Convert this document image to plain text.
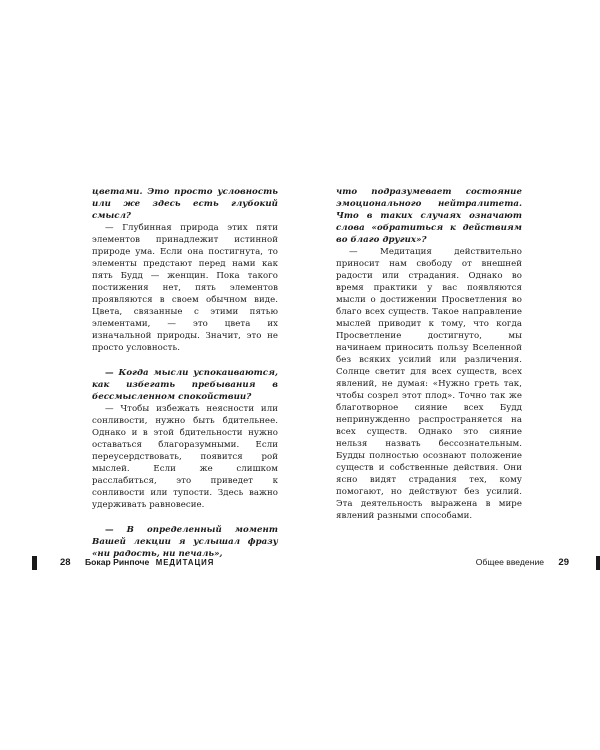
цветами. Это просто условность или же здесь есть глубокий смысл?

— Глубинная природа этих пяти элементов принадлежит истинной природе ума. Если она постигнута, то элементы предстают перед нами как пять Будд — женщин. Пока такого постижения нет, пять элементов проявляются в своем обычном виде. Цвета, связанные с этими пятью элементами, — это цвета их изначальной природы. Значит, это не просто условность.

— Когда мысли успокаиваются, как избегать пребывания в бессмысленном спокойствии?

— Чтобы избежать неясности или сонливости, нужно быть бдительнее. Однако и в этой бдительности нужно оставаться благоразумными. Если переусердствовать, появится рой мыслей. Если же слишком расслабиться, это приведет к сонливости или тупости. Здесь важно удерживать равновесие.

— В определенный момент Вашей лекции я услышал фразу «ни радость, ни печаль»,

28 Бокар Ринпоче МЕДИТАЦИЯ

что подразумевает состояние эмоционального нейтралитета. Что в таких случаях означают слова «обратиться к действиям во благо других»?

— Медитация действительно приносит нам свободу от внешней радости или страдания. Однако во время практики у вас появляются мысли о достижении Просветления во благо всех существ. Такое направление мыслей приводит к тому, что когда Просветление достигнуто, мы начинаем приносить пользу Вселенной без всяких усилий или различения. Солнце светит для всех существ, всех явлений, не думая: «Нужно греть так, чтобы созрел этот плод». Точно так же благотворное сияние всех Будд непринужденно распространяется на всех существ. Однако это сияние нельзя назвать бессознательным. Будды полностью осознают положение существ и собственные действия. Они ясно видят страдания тех, кому помогают, но действуют без усилий. Эта деятельность выражена в мире явлений разными способами.

Общее введение 29
